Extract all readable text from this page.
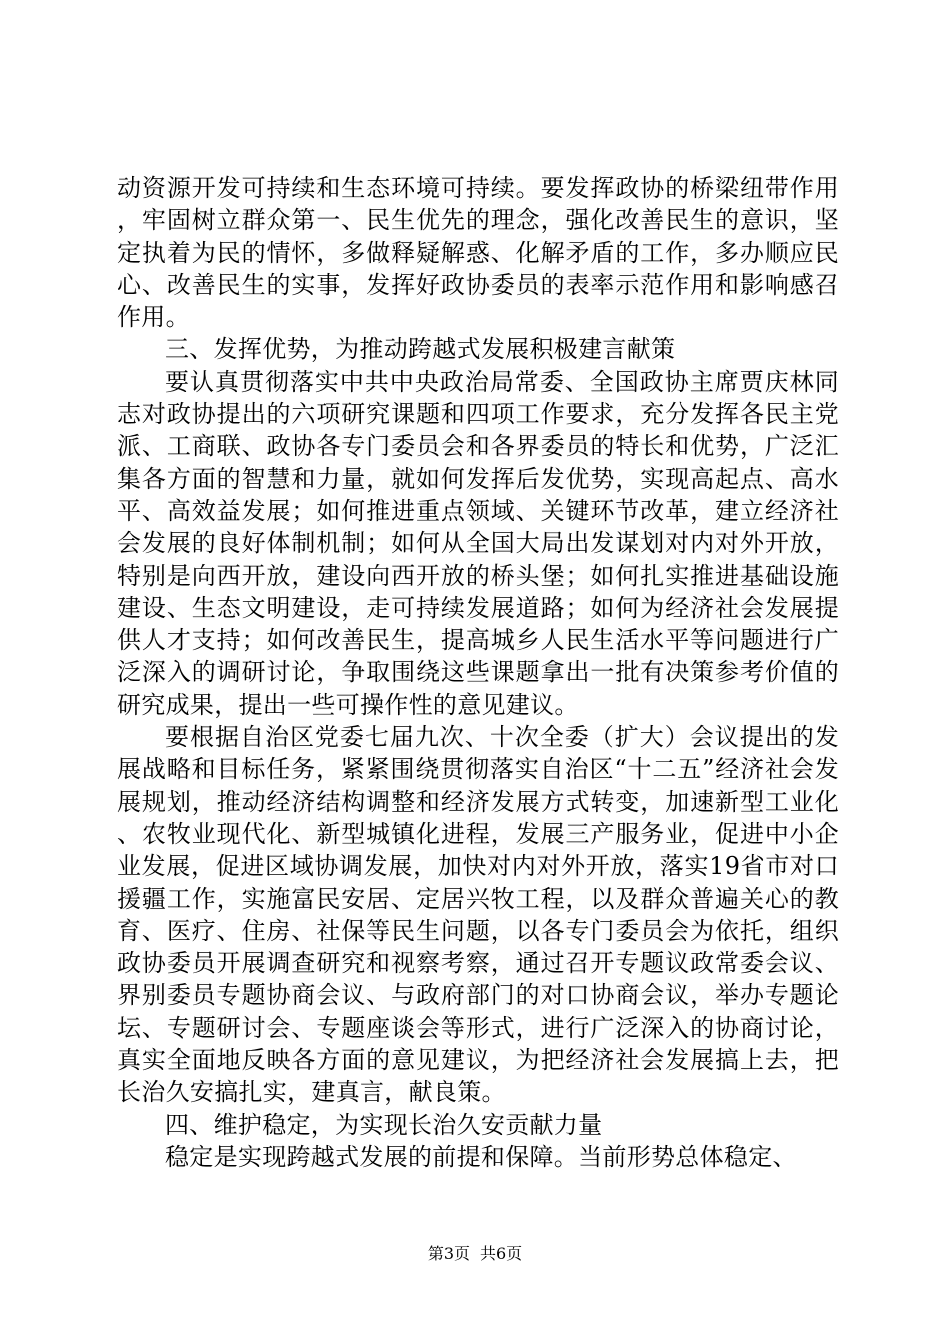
动资源开发可持续和生态环境可持续。要发挥政协的桥梁纽带作用，牢固树立群众第一、民生优先的理念，强化改善民生的意识，坚定执着为民的情怀，多做释疑解惑、化解矛盾的工作，多办顺应民心、改善民生的实事，发挥好政协委员的表率示范作用和影响感召作用。

三、发挥优势，为推动跨越式发展积极建言献策

要认真贯彻落实中共中央政治局常委、全国政协主席贾庆林同志对政协提出的六项研究课题和四项工作要求，充分发挥各民主党派、工商联、政协各专门委员会和各界委员的特长和优势，广泛汇集各方面的智慧和力量，就如何发挥后发优势，实现高起点、高水平、高效益发展；如何推进重点领域、关键环节改革，建立经济社会发展的良好体制机制；如何从全国大局出发谋划对内对外开放，特别是向西开放，建设向西开放的桥头堡；如何扎实推进基础设施建设、生态文明建设，走可持续发展道路；如何为经济社会发展提供人才支持；如何改善民生，提高城乡人民生活水平等问题进行广泛深入的调研讨论，争取围绕这些课题拿出一批有决策参考价值的研究成果，提出一些可操作性的意见建议。

要根据自治区党委七届九次、十次全委（扩大）会议提出的发展战略和目标任务，紧紧围绕贯彻落实自治区“十二五”经济社会发展规划，推动经济结构调整和经济发展方式转变，加速新型工业化、农牧业现代化、新型城镇化进程，发展三产服务业，促进中小企业发展，促进区域协调发展，加快对内对外开放，落实19省市对口援疆工作，实施富民安居、定居兴牧工程，以及群众普遍关心的教育、医疗、住房、社保等民生问题，以各专门委员会为依托，组织政协委员开展调查研究和视察考察，通过召开专题议政常委会议、界别委员专题协商会议、与政府部门的对口协商会议，举办专题论坛、专题研讨会、专题座谈会等形式，进行广泛深入的协商讨论，真实全面地反映各方面的意见建议，为把经济社会发展搞上去，把长治久安搞扎实，建真言，献良策。

四、维护稳定，为实现长治久安贡献力量

稳定是实现跨越式发展的前提和保障。当前形势总体稳定、

第3页 共6页
